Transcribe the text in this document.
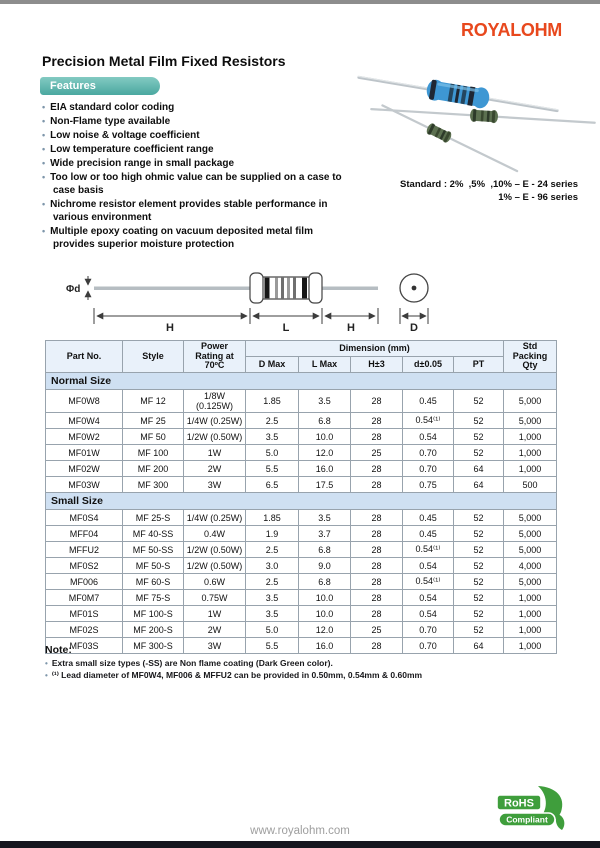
ROYALOHM
Precision Metal Film Fixed Resistors
Features
• EIA standard color coding
• Non-Flame type available
• Low noise & voltage coefficient
• Low temperature coefficient range
• Wide precision range in small package
• Too low or too high ohmic value can be supplied on a case to case basis
• Nichrome resistor element provides stable performance in various environment
• Multiple epoxy coating on vacuum deposited metal film provides superior moisture protection
Standard : 2%  ,5%  ,10% – E - 24 series
1% – E - 96 series
Φd
H	L	H	D
Part No.	Style	Power Rating at 70ºC	Dimension (mm)					Std Packing Qty
			D Max	L Max	H±3	d±0.05	PT	
Normal Size								
MF0W8	MF 12	1/8W (0.125W)	1.85	3.5	28	0.45	52	5,000
MF0W4	MF 25	1/4W (0.25W)	2.5	6.8	28	0.54⁽¹⁾	52	5,000
MF0W2	MF 50	1/2W (0.50W)	3.5	10.0	28	0.54	52	1,000
MF01W	MF 100	1W	5.0	12.0	25	0.70	52	1,000
MF02W	MF 200	2W	5.5	16.0	28	0.70	64	1,000
MF03W	MF 300	3W	6.5	17.5	28	0.75	64	500
Small Size								
MF0S4	MF 25-S	1/4W (0.25W)	1.85	3.5	28	0.45	52	5,000
MFF04	MF 40-SS	0.4W	1.9	3.7	28	0.45	52	5,000
MFFU2	MF 50-SS	1/2W (0.50W)	2.5	6.8	28	0.54⁽¹⁾	52	5,000
MF0S2	MF 50-S	1/2W (0.50W)	3.0	9.0	28	0.54	52	4,000
MF006	MF 60-S	0.6W	2.5	6.8	28	0.54⁽¹⁾	52	5,000
MF0M7	MF 75-S	0.75W	3.5	10.0	28	0.54	52	1,000
MF01S	MF 100-S	1W	3.5	10.0	28	0.54	52	1,000
MF02S	MF 200-S	2W	5.0	12.0	25	0.70	52	1,000
MF03S	MF 300-S	3W	5.5	16.0	28	0.70	64	1,000

Note:

• Extra small size types (-SS) are Non flame coating (Dark Green color).
• ⁽¹⁾ Lead diameter of MF0W4, MF006 & MFFU2 can be provided in 0.50mm, 0.54mm & 0.60mm
www.royalohm.com
RoHS
Compliant
